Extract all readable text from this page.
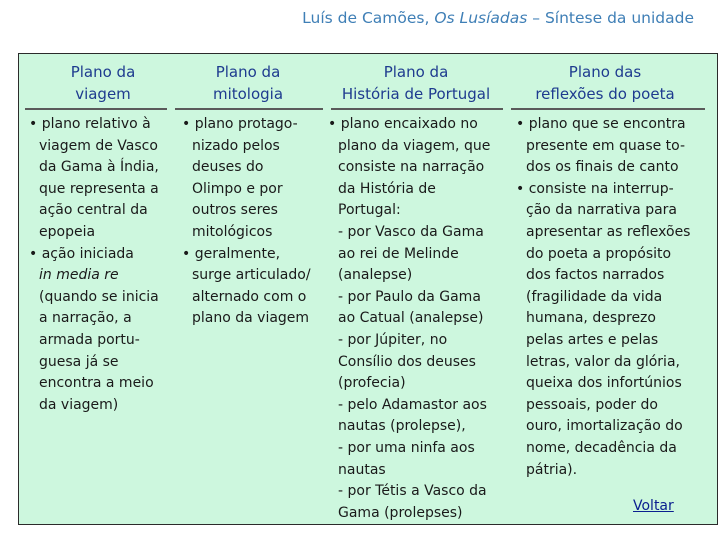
Luís de Camões, Os Lusíadas – Síntese da unidade
Plano da
viagem
Plano da
mitologia
Plano da
História de Portugal
Plano das
reflexões do poeta
• plano relativo à
viagem de Vasco
da Gama à Índia,
que representa a
ação central da
epopeia
• ação iniciada
in media re
(quando se inicia
a narração, a
armada portu-
guesa já se
encontra a meio
da viagem)
• plano protago-
nizado pelos
deuses do
Olimpo e por
outros seres
mitológicos
• geralmente,
surge articulado/
alternado com o
plano da viagem
• plano encaixado no
plano da viagem, que
consiste na narração
da História de
Portugal:
- por Vasco da Gama
ao rei de Melinde
(analepse)
- por Paulo da Gama
ao Catual (analepse)
- por Júpiter, no
Consílio dos deuses
(profecia)
- pelo Adamastor aos
nautas (prolepse),
- por uma ninfa aos
nautas
- por Tétis a Vasco da
Gama (prolepses)
• plano que se encontra
presente em quase to-
dos os finais de canto
• consiste na interrup-
ção da narrativa para
apresentar as reflexões
do poeta a propósito
dos factos narrados
(fragilidade da vida
humana, desprezo
pelas artes e pelas
letras, valor da glória,
queixa dos infortúnios
pessoais, poder do
ouro, imortalização do
nome, decadência da
pátria).
Voltar
